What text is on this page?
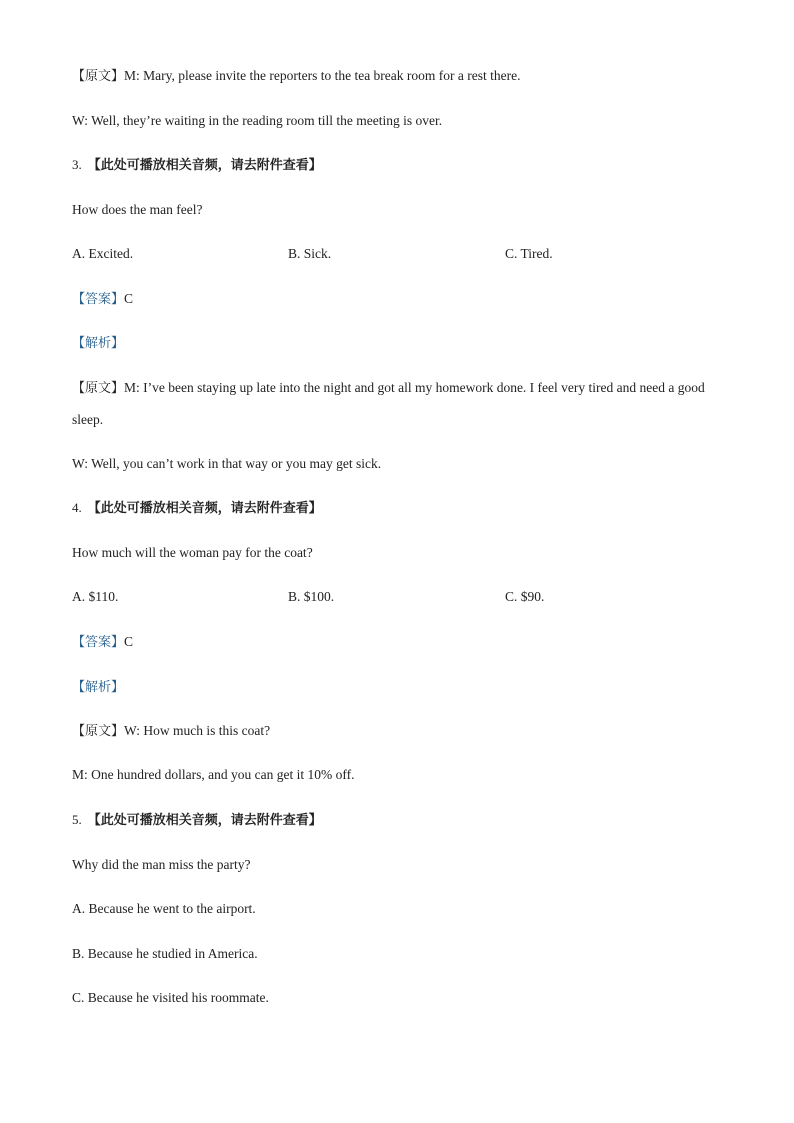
【原文】M: Mary, please invite the reporters to the tea break room for a rest there.
W: Well, they’re waiting in the reading room till the meeting is over.
3. 【此处可播放相关音频，请去附件查看】
How does the man feel?
A. Excited.	B. Sick.	C. Tired.
【答案】C
【解析】
【原文】M: I’ve been staying up late into the night and got all my homework done. I feel very tired and need a good sleep.
W: Well, you can’t work in that way or you may get sick.
4. 【此处可播放相关音频，请去附件查看】
How much will the woman pay for the coat?
A. $110.	B. $100.	C. $90.
【答案】C
【解析】
【原文】W: How much is this coat?
M: One hundred dollars, and you can get it 10% off.
5. 【此处可播放相关音频，请去附件查看】
Why did the man miss the party?
A. Because he went to the airport.
B. Because he studied in America.
C. Because he visited his roommate.
